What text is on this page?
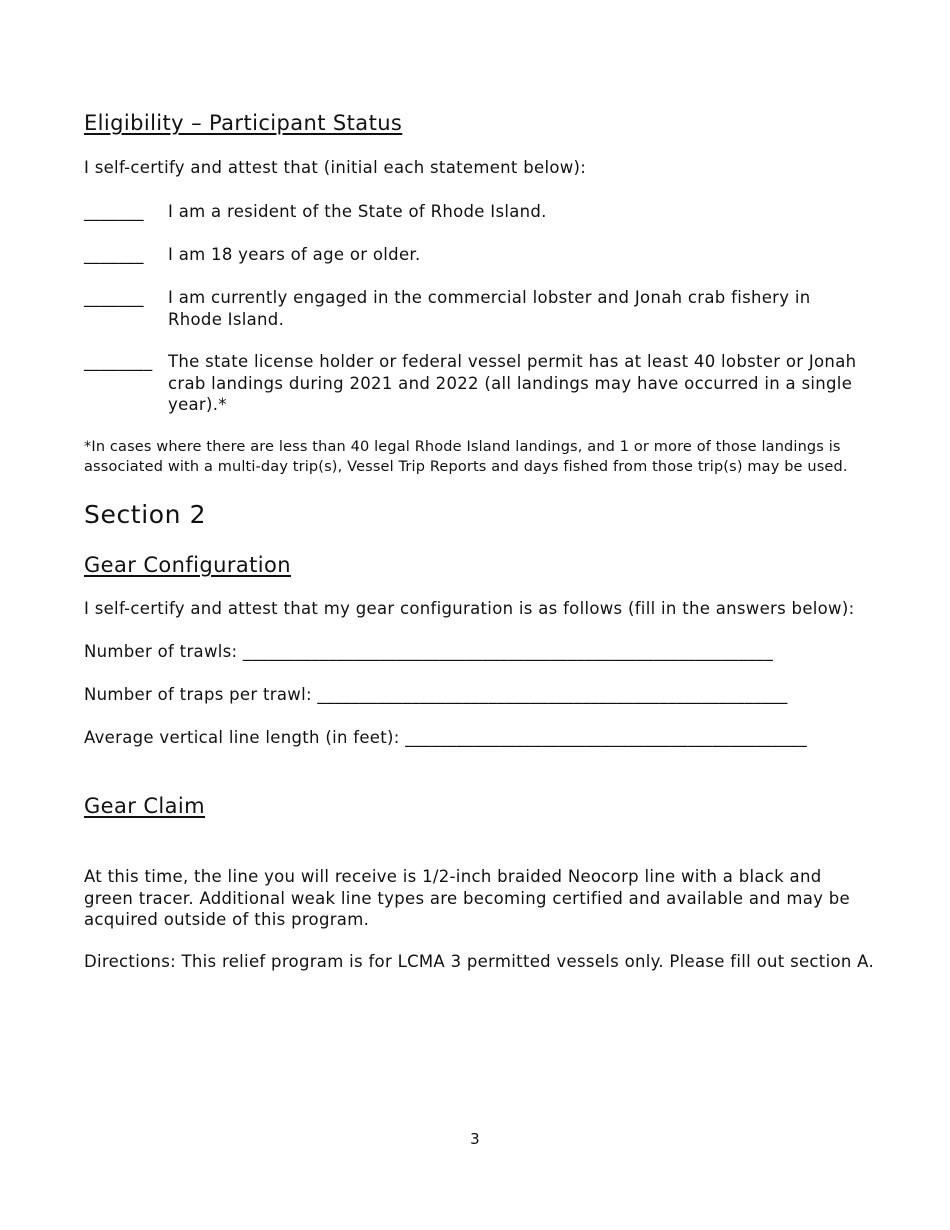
Eligibility – Participant Status
I self-certify and attest that (initial each statement below):
_______ I am a resident of the State of Rhode Island.
_______ I am 18 years of age or older.
_______ I am currently engaged in the commercial lobster and Jonah crab fishery in Rhode Island.
________ The state license holder or federal vessel permit has at least 40 lobster or Jonah crab landings during 2021 and 2022 (all landings may have occurred in a single year).*
*In cases where there are less than 40 legal Rhode Island landings, and 1 or more of those landings is associated with a multi-day trip(s), Vessel Trip Reports and days fished from those trip(s) may be used.
Section 2
Gear Configuration
I self-certify and attest that my gear configuration is as follows (fill in the answers below):
Number of trawls: ______________________________________________________________
Number of traps per trawl: _______________________________________________________
Average vertical line length (in feet): _______________________________________________
Gear Claim
At this time, the line you will receive is 1/2-inch braided Neocorp line with a black and green tracer. Additional weak line types are becoming certified and available and may be acquired outside of this program.
Directions: This relief program is for LCMA 3 permitted vessels only. Please fill out section A.
3
